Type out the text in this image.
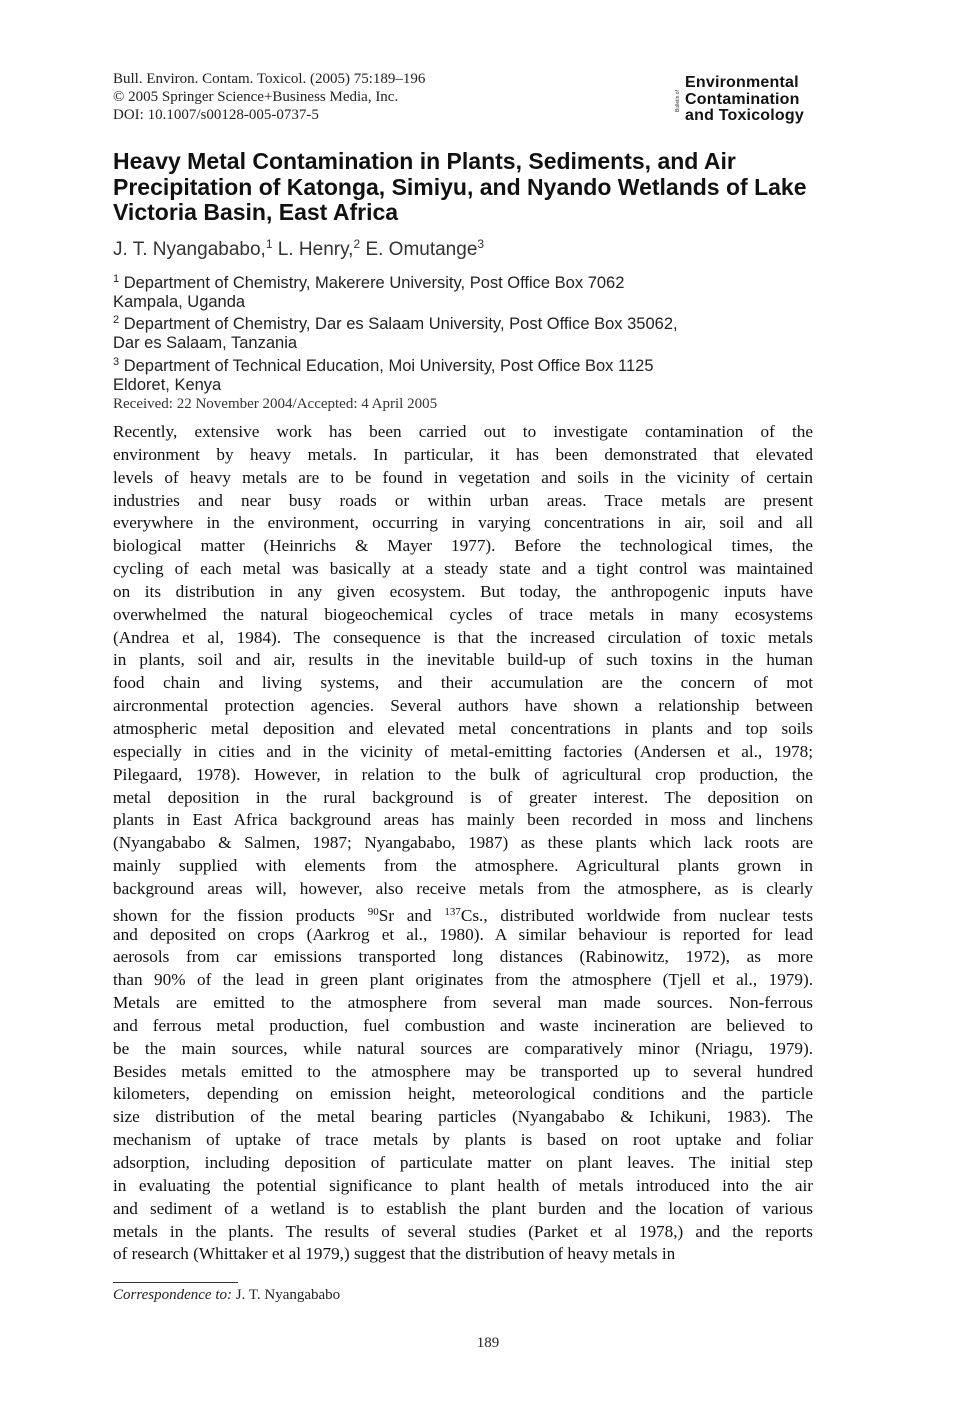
Bull. Environ. Contam. Toxicol. (2005) 75:189–196
© 2005 Springer Science+Business Media, Inc.
DOI: 10.1007/s00128-005-0737-5
Bulletin of
Environmental
Contamination
and Toxicology
Heavy Metal Contamination in Plants, Sediments, and Air Precipitation of Katonga, Simiyu, and Nyando Wetlands of Lake Victoria Basin, East Africa
J. T. Nyangababo,$^1$ L. Henry,$^2$ E. Omutange$^3$
$^1$ Department of Chemistry, Makerere University, Post Office Box 7062
Kampala, Uganda
$^2$ Department of Chemistry, Dar es Salaam University, Post Office Box 35062,
Dar es Salaam, Tanzania
$^3$ Department of Technical Education, Moi University, Post Office Box 1125
Eldoret, Kenya
Received: 22 November 2004/Accepted: 4 April 2005
Recently, extensive work has been carried out to investigate contamination of the
environment by heavy metals. In particular, it has been demonstrated that elevated
levels of heavy metals are to be found in vegetation and soils in the vicinity of certain
industries and near busy roads or within urban areas. Trace metals are present
everywhere in the environment, occurring in varying concentrations in air, soil and all
biological matter (Heinrichs & Mayer 1977). Before the technological times, the
cycling of each metal was basically at a steady state and a tight control was maintained
on its distribution in any given ecosystem. But today, the anthropogenic inputs have
overwhelmed the natural biogeochemical cycles of trace metals in many ecosystems
(Andrea et al, 1984). The consequence is that the increased circulation of toxic metals
in plants, soil and air, results in the inevitable build-up of such toxins in the human
food chain and living systems, and their accumulation are the concern of mot
aircronmental protection agencies. Several authors have shown a relationship between
atmospheric metal deposition and elevated metal concentrations in plants and top soils
especially in cities and in the vicinity of metal-emitting factories (Andersen et al., 1978;
Pilegaard, 1978). However, in relation to the bulk of agricultural crop production, the
metal deposition in the rural background is of greater interest. The deposition on
plants in East Africa background areas has mainly been recorded in moss and linchens
(Nyangababo & Salmen, 1987; Nyangababo, 1987) as these plants which lack roots are
mainly supplied with elements from the atmosphere. Agricultural plants grown in
background areas will, however, also receive metals from the atmosphere, as is clearly
shown for the fission products $^{90}$Sr and $^{137}$Cs., distributed worldwide from nuclear tests
and deposited on crops (Aarkrog et al., 1980). A similar behaviour is reported for lead
aerosols from car emissions transported long distances (Rabinowitz, 1972), as more
than 90% of the lead in green plant originates from the atmosphere (Tjell et al., 1979).
Metals are emitted to the atmosphere from several man made sources. Non-ferrous
and ferrous metal production, fuel combustion and waste incineration are believed to
be the main sources, while natural sources are comparatively minor (Nriagu, 1979).
Besides metals emitted to the atmosphere may be transported up to several hundred
kilometers, depending on emission height, meteorological conditions and the particle
size distribution of the metal bearing particles (Nyangababo & Ichikuni, 1983). The
mechanism of uptake of trace metals by plants is based on root uptake and foliar
adsorption, including deposition of particulate matter on plant leaves. The initial step
in evaluating the potential significance to plant health of metals introduced into the air
and sediment of a wetland is to establish the plant burden and the location of various
metals in the plants. The results of several studies (Parket et al 1978,) and the reports
of research (Whittaker et al 1979,) suggest that the distribution of heavy metals in
Correspondence to: J. T. Nyangababo
189
